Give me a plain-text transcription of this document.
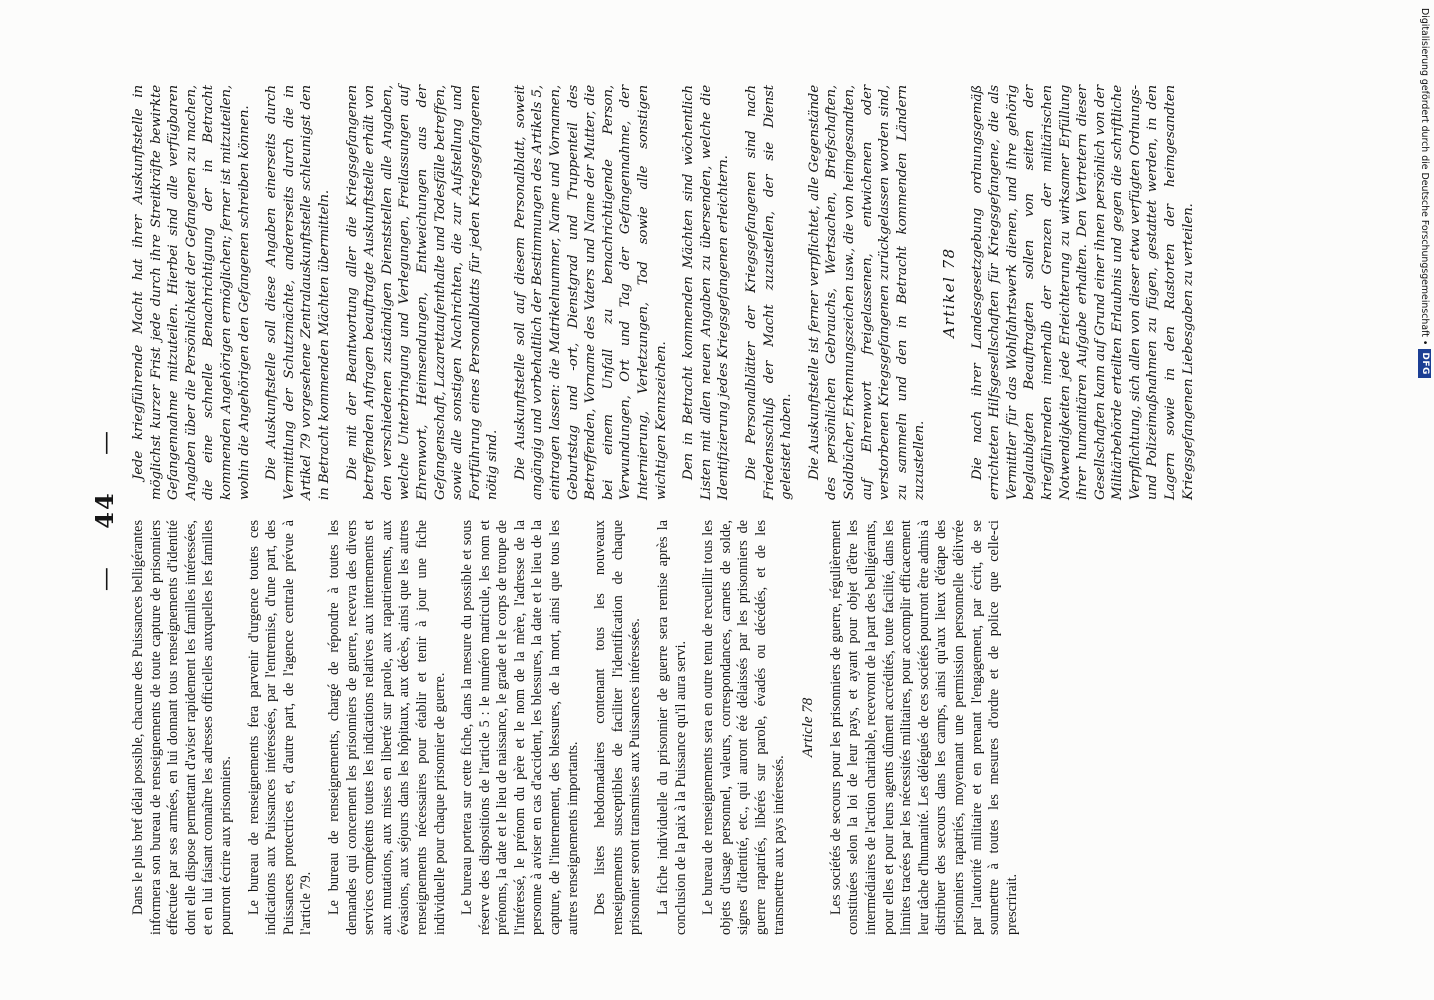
— 44 —

Dans le plus bref délai possible, chacune des Puissances belligérantes informera son bureau de renseignements de toute capture de prisonniers effectuée par ses armées, en lui donnant tous renseignements d'identité dont elle dispose permettant d'aviser rapidement les familles intéressées, et en lui faisant connaître les adresses officielles auxquelles les familles pourront écrire aux prisonniers. Le bureau de renseignements fera parvenir d'urgence toutes ces indications aux Puissances intéressées, par l'entremise, d'une part, des Puissances protectrices et, d'autre part, de l'agence centrale prévue à l'article 79. Le bureau de renseignements, chargé de répondre à toutes les demandes qui concernent les prisonniers de guerre, recevra des divers services compétents toutes les indications relatives aux internements et aux mutations, aux mises en liberté sur parole, aux rapatriements, aux évasions, aux séjours dans les hôpitaux, aux décès, ainsi que les autres renseignements nécessaires pour établir et tenir à jour une fiche individuelle pour chaque prisonnier de guerre. Le bureau portera sur cette fiche, dans la mesure du possible et sous réserve des dispositions de l'article 5 : le numéro matricule, les nom et prénoms, la date et le lieu de naissance, le grade et le corps de troupe de l'intéressé, le prénom du père et le nom de la mère, l'adresse de la personne à aviser en cas d'accident, les blessures, la date et le lieu de la capture, de l'internement, des blessures, de la mort, ainsi que tous les autres renseignements importants. Des listes hebdomadaires contenant tous les nouveaux renseignements susceptibles de faciliter l'identification de chaque prisonnier seront transmises aux Puissances intéressées. La fiche individuelle du prisonnier de guerre sera remise après la conclusion de la paix à la Puissance qu'il aura servi. Le bureau de renseignements sera en outre tenu de recueillir tous les objets d'usage personnel, valeurs, correspondances, carnets de solde, signes d'identité, etc., qui auront été délaissés par les prisonniers de guerre rapatriés, libérés sur parole, évadés ou décédés, et de les transmettre aux pays intéressés.

Article 78 Les sociétés de secours pour les prisonniers de guerre, régulièrement constituées selon la loi de leur pays, et ayant pour objet d'être les intermédiaires de l'action charitable, recevront de la part des belligérants, pour elles et pour leurs agents dûment accrédités, toute facilité, dans les limites tracées par les nécessités militaires, pour accomplir efficacement leur tâche d'humanité. Les délégués de ces sociétés pourront être admis à distribuer des secours dans les camps, ainsi qu'aux lieux d'étape des prisonniers rapatriés, moyennant une permission personnelle délivrée par l'autorité militaire et en prenant l'engagement, par écrit, de se soumettre à toutes les mesures d'ordre et de police que celle-ci prescrirait.

Jede kriegführende Macht hat ihrer Auskunftstelle in möglichst kurzer Frist jede durch ihre Streitkräfte bewirkte Gefangennahme mitzuteilen. Hierbei sind alle verfügbaren Angaben über die Persönlichkeit der Gefangenen zu machen, die eine schnelle Benachrichtigung der in Betracht kommenden Angehörigen ermöglichen; ferner ist mitzuteilen, wohin die Angehörigen den Gefangenen schreiben können. Die Auskunftstelle soll diese Angaben einerseits durch Vermittlung der Schutzmächte, andererseits durch die in Artikel 79 vorgesehene Zentralauskunftstelle schleunigst den in Betracht kommenden Mächten übermitteln. Die mit der Beantwortung aller die Kriegsgefangenen betreffenden Anfragen beauftragte Auskunftstelle erhält von den verschiedenen zuständigen Dienststellen alle Angaben, welche Unterbringung und Verlegungen, Freilassungen auf Ehrenwort, Heimsendungen, Entweichungen aus der Gefangenschaft, Lazarettaufenthalte und Todesfälle betreffen, sowie alle sonstigen Nachrichten, die zur Aufstellung und Fortführung eines Personalblatts für jeden Kriegsgefangenen nötig sind. Die Auskunftstelle soll auf diesem Personalblatt, soweit angängig und vorbehaltlich der Bestimmungen des Artikels 5, eintragen lassen: die Matrikelnummer, Name und Vornamen, Geburtstag und -ort, Dienstgrad und Truppenteil des Betreffenden, Vorname des Vaters und Name der Mutter, die bei einem Unfall zu benachrichtigende Person, Verwundungen, Ort und Tag der Gefangennahme, der Internierung, Verletzungen, Tod sowie alle sonstigen wichtigen Kennzeichen. Den in Betracht kommenden Mächten sind wöchentlich Listen mit allen neuen Angaben zu übersenden, welche die Identifizierung jedes Kriegsgefangenen erleichtern. Die Personalblätter der Kriegsgefangenen sind nach Friedensschluß der Macht zuzustellen, der sie Dienst geleistet haben. Die Auskunftstelle ist ferner verpflichtet, alle Gegenstände des persönlichen Gebrauchs, Wertsachen, Briefschaften, Soldbücher, Erkennungszeichen usw., die von heimgesandten, auf Ehrenwort freigelassenen, entwichenen oder verstorbenen Kriegsgefangenen zurückgelassen worden sind, zu sammeln und den in Betracht kommenden Ländern zuzustellen.

Artikel 78 Die nach ihrer Landesgesetzgebung ordnungsgemäß errichteten Hilfsgesellschaften für Kriegsgefangene, die als Vermittler für das Wohlfahrtswerk dienen, und ihre gehörig beglaubigten Beauftragten sollen von seiten der kriegführenden innerhalb der Grenzen der militärischen Notwendigkeiten jede Erleichterung zu wirksamer Erfüllung ihrer humanitären Aufgabe erhalten. Den Vertretern dieser Gesellschaften kann auf Grund einer ihnen persönlich von der Militärbehörde erteilten Erlaubnis und gegen die schriftliche Verpflichtung, sich allen von dieser etwa verfügten Ordnungs- und Polizeimaßnahmen zu fügen, gestattet werden, in den Lagern sowie in den Rastorten der heimgesandten Kriegsgefangenen Liebesgaben zu verteilen.

Digitalisierung gefördert durch die Deutsche Forschungsgemeinschaft •
DFG
